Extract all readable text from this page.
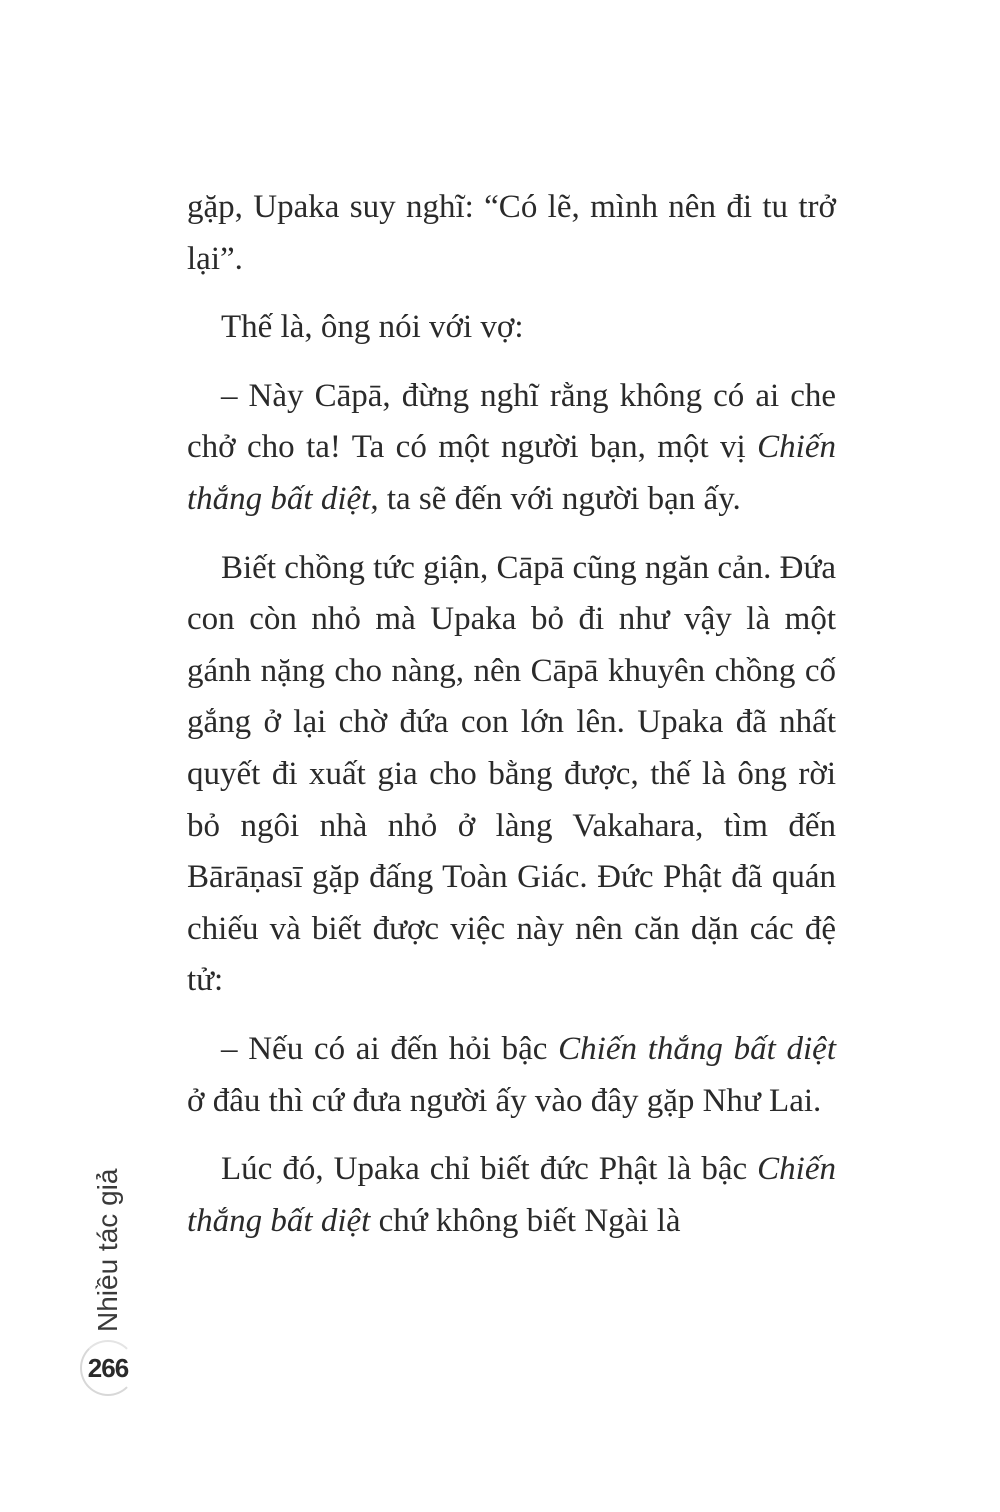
gặp, Upaka suy nghĩ: “Có lẽ, mình nên đi tu trở lại”.

Thế là, ông nói với vợ:

– Này Cāpā, đừng nghĩ rằng không có ai che chở cho ta! Ta có một người bạn, một vị Chiến thắng bất diệt, ta sẽ đến với người bạn ấy.

Biết chồng tức giận, Cāpā cũng ngăn cản. Đứa con còn nhỏ mà Upaka bỏ đi như vậy là một gánh nặng cho nàng, nên Cāpā khuyên chồng cố gắng ở lại chờ đứa con lớn lên. Upaka đã nhất quyết đi xuất gia cho bằng được, thế là ông rời bỏ ngôi nhà nhỏ ở làng Vakahara, tìm đến Bārāṇasī gặp đấng Toàn Giác. Đức Phật đã quán chiếu và biết được việc này nên căn dặn các đệ tử:

– Nếu có ai đến hỏi bậc Chiến thắng bất diệt ở đâu thì cứ đưa người ấy vào đây gặp Như Lai.

Lúc đó, Upaka chỉ biết đức Phật là bậc Chiến thắng bất diệt chứ không biết Ngài là

Nhiều tác giả
266
